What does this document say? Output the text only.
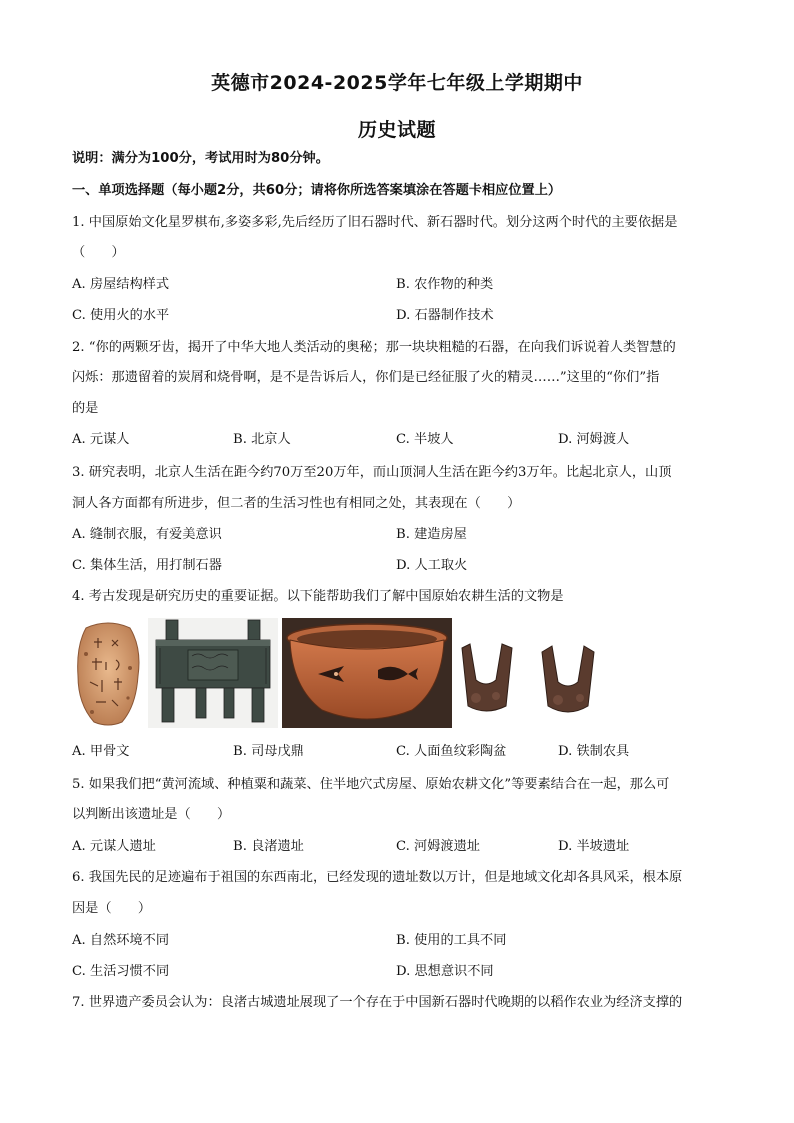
英德市2024-2025学年七年级上学期期中
历史试题
说明：满分为100分，考试用时为80分钟。
一、单项选择题（每小题2分，共60分；请将你所选答案填涂在答题卡相应位置上）
1. 中国原始文化星罗棋布,多姿多彩,先后经历了旧石器时代、新石器时代。划分这两个时代的主要依据是
（　　）
A. 房屋结构样式	B. 农作物的种类
C. 使用火的水平	D. 石器制作技术
2. “你的两颗牙齿，揭开了中华大地人类活动的奥秘；那一块块粗糙的石器，在向我们诉说着人类智慧的
闪烁：那遗留着的炭屑和烧骨啊，是不是告诉后人，你们是已经征服了火的精灵……”这里的“你们”指
的是
A. 元谋人	B. 北京人	C. 半坡人	D. 河姆渡人
3. 研究表明，北京人生活在距今约70万至20万年，而山顶洞人生活在距今约3万年。比起北京人，山顶
洞人各方面都有所进步，但二者的生活习性也有相同之处，其表现在（　　）
A. 缝制衣服，有爱美意识	B. 建造房屋
C. 集体生活，用打制石器	D. 人工取火
4. 考古发现是研究历史的重要证据。以下能帮助我们了解中国原始农耕生活的文物是
A. 甲骨文	B. 司母戊鼎	C. 人面鱼纹彩陶盆	D. 铁制农具
5. 如果我们把“黄河流域、种植粟和蔬菜、住半地穴式房屋、原始农耕文化”等要素结合在一起，那么可
以判断出该遗址是（　　）
A. 元谋人遗址	B. 良渚遗址	C. 河姆渡遗址	D. 半坡遗址
6. 我国先民的足迹遍布于祖国的东西南北，已经发现的遗址数以万计，但是地域文化却各具风采，根本原
因是（　　）
A. 自然环境不同	B. 使用的工具不同
C. 生活习惯不同	D. 思想意识不同
7. 世界遗产委员会认为：良渚古城遗址展现了一个存在于中国新石器时代晚期的以稻作农业为经济支撑的
